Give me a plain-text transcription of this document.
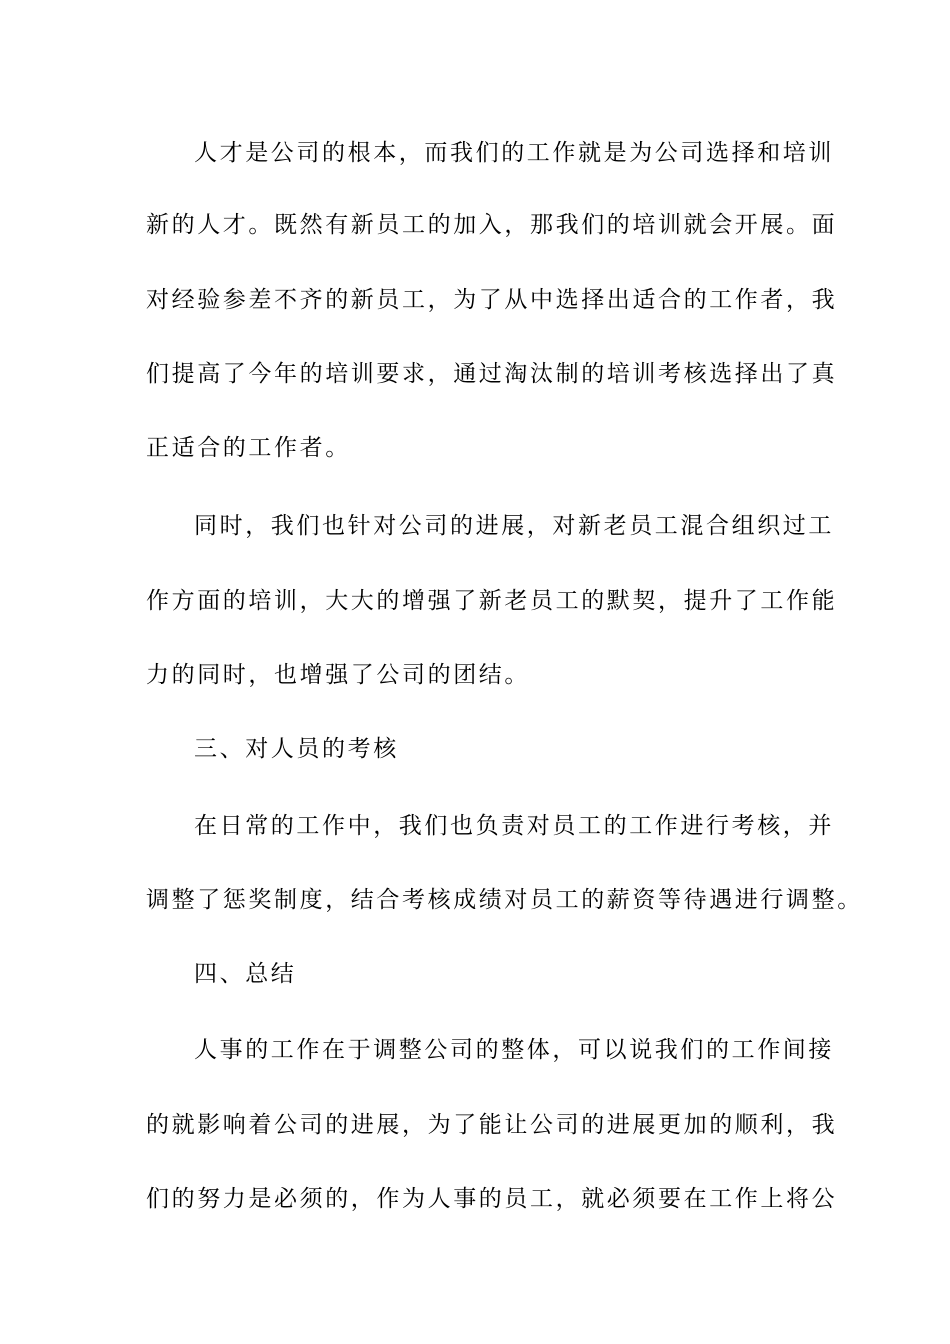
人才是公司的根本，而我们的工作就是为公司选择和培训
新的人才。既然有新员工的加入，那我们的培训就会开展。面
对经验参差不齐的新员工，为了从中选择出适合的工作者，我
们提高了今年的培训要求，通过淘汰制的培训考核选择出了真
正适合的工作者。
同时，我们也针对公司的进展，对新老员工混合组织过工
作方面的培训，大大的增强了新老员工的默契，提升了工作能
力的同时，也增强了公司的团结。
三、对人员的考核
在日常的工作中，我们也负责对员工的工作进行考核，并
调整了惩奖制度，结合考核成绩对员工的薪资等待遇进行调整。
四、总结
人事的工作在于调整公司的整体，可以说我们的工作间接
的就影响着公司的进展，为了能让公司的进展更加的顺利，我
们的努力是必须的，作为人事的员工，就必须要在工作上将公
